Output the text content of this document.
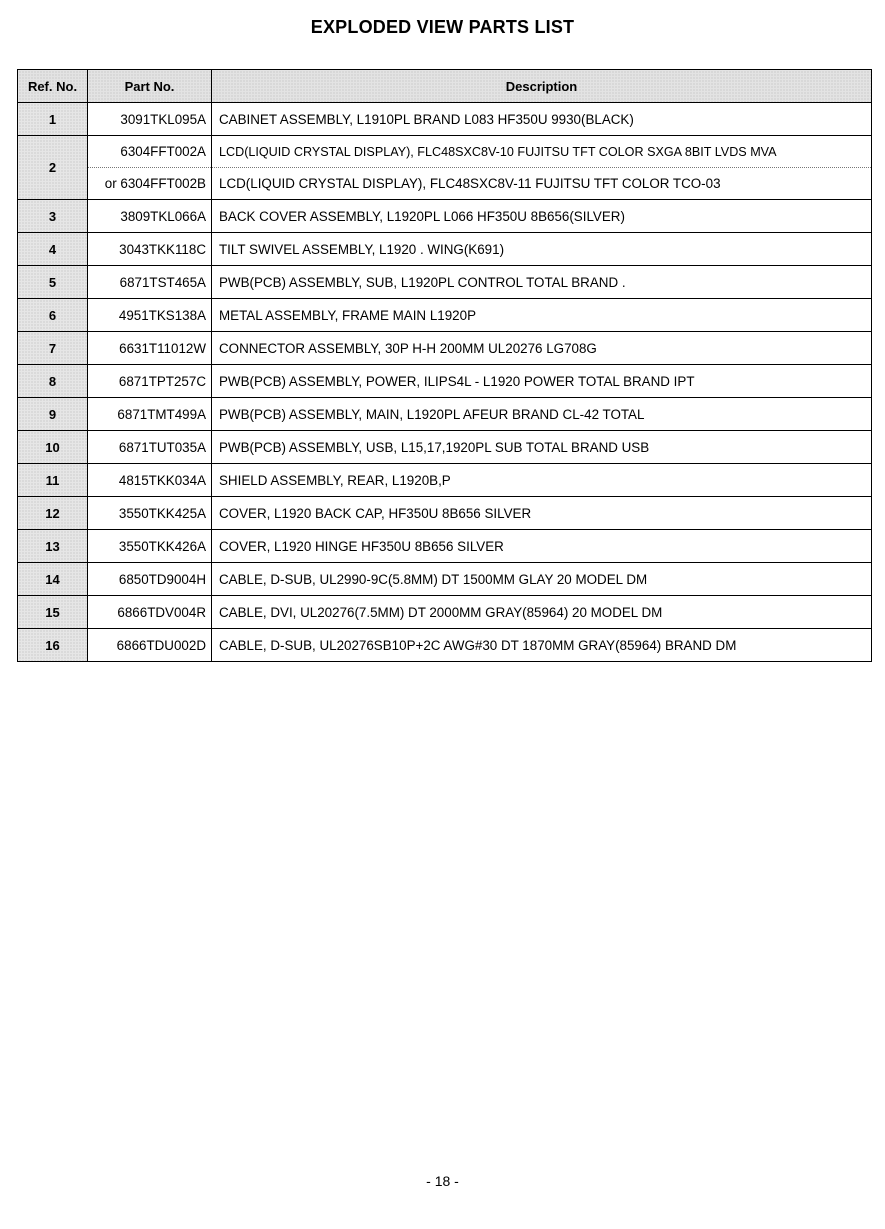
EXPLODED VIEW PARTS LIST
Ref. No.	Part No.	Description
1	3091TKL095A	CABINET ASSEMBLY, L1910PL BRAND L083 HF350U 9930(BLACK)
2	6304FFT002A	LCD(LIQUID CRYSTAL DISPLAY), FLC48SXC8V-10 FUJITSU TFT COLOR SXGA 8BIT LVDS MVA
	or 6304FFT002B	LCD(LIQUID CRYSTAL DISPLAY), FLC48SXC8V-11 FUJITSU TFT COLOR TCO-03
3	3809TKL066A	BACK COVER ASSEMBLY, L1920PL L066 HF350U 8B656(SILVER)
4	3043TKK118C	TILT SWIVEL ASSEMBLY, L1920 . WING(K691)
5	6871TST465A	PWB(PCB) ASSEMBLY, SUB, L1920PL CONTROL TOTAL BRAND .
6	4951TKS138A	METAL ASSEMBLY, FRAME MAIN L1920P
7	6631T11012W	CONNECTOR ASSEMBLY, 30P H-H 200MM UL20276 LG708G
8	6871TPT257C	PWB(PCB) ASSEMBLY, POWER, ILIPS4L - L1920 POWER TOTAL BRAND IPT
9	6871TMT499A	PWB(PCB) ASSEMBLY, MAIN, L1920PL AFEUR BRAND CL-42 TOTAL
10	6871TUT035A	PWB(PCB) ASSEMBLY, USB, L15,17,1920PL SUB TOTAL BRAND USB
11	4815TKK034A	SHIELD ASSEMBLY, REAR, L1920B,P
12	3550TKK425A	COVER, L1920 BACK CAP, HF350U 8B656 SILVER
13	3550TKK426A	COVER, L1920 HINGE HF350U 8B656 SILVER
14	6850TD9004H	CABLE, D-SUB, UL2990-9C(5.8MM) DT 1500MM GLAY 20 MODEL DM
15	6866TDV004R	CABLE, DVI, UL20276(7.5MM) DT 2000MM GRAY(85964) 20 MODEL DM
16	6866TDU002D	CABLE, D-SUB, UL20276SB10P+2C AWG#30 DT 1870MM GRAY(85964) BRAND DM
- 18 -
